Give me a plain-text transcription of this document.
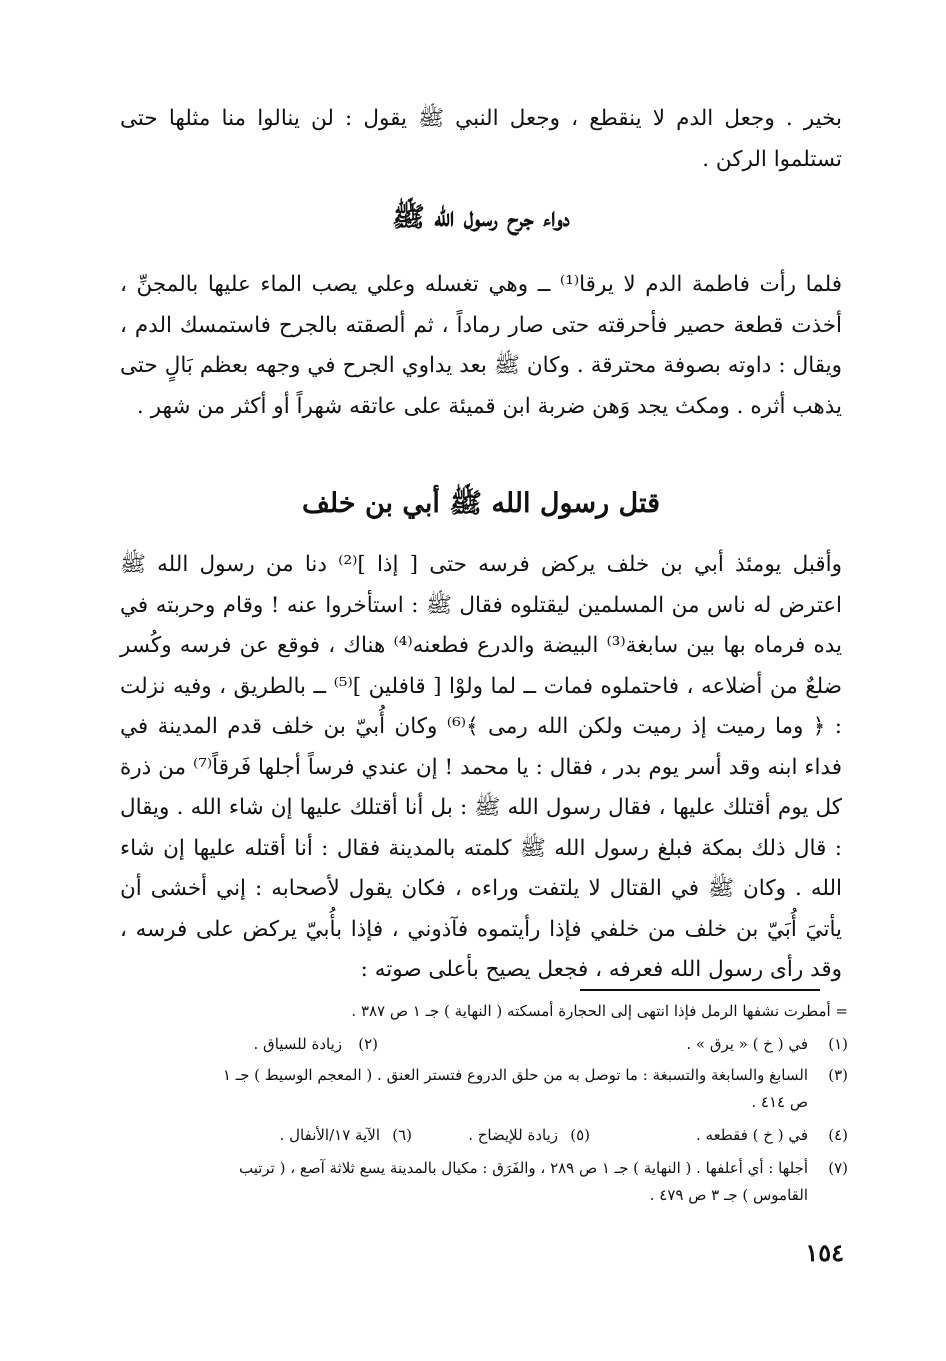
بخير . وجعل الدم لا ينقطع ، وجعل النبي ﷺ يقول : لن ينالوا منا مثلها حتى تستلموا الركن .

دواء جرح رسول الله ﷺ

فلما رأت فاطمة الدم لا يرقا⁽¹⁾ ــ وهي تغسله وعلي يصب الماء عليها بالمجنِّ ، أخذت قطعة حصير فأحرقته حتى صار رماداً ، ثم ألصقته بالجرح فاستمسك الدم ، ويقال : داوته بصوفة محترقة . وكان ﷺ بعد يداوي الجرح في وجهه بعظم بَالٍ حتى يذهب أثره . ومكث يجد وَهن ضربة ابن قميئة على عاتقه شهراً أو أكثر من شهر .

قتل رسول الله ﷺ أبي بن خلف

وأقبل يومئذ أبي بن خلف يركض فرسه حتى [ إذا ]⁽²⁾ دنا من رسول الله ﷺ اعترض له ناس من المسلمين ليقتلوه فقال ﷺ : استأخروا عنه ! وقام وحربته في يده فرماه بها بين سابغة⁽³⁾ البيضة والدرع فطعنه⁽⁴⁾ هناك ، فوقع عن فرسه وكُسر ضلعٌ من أضلاعه ، فاحتملوه فمات ــ لما ولوْا [ قافلين ]⁽⁵⁾ ــ بالطريق ، وفيه نزلت : ﴿ وما رميت إذ رميت ولكن الله رمى ﴾⁽⁶⁾ وكان أُبيّ بن خلف قدم المدينة في فداء ابنه وقد أسر يوم بدر ، فقال : يا محمد ! إن عندي فرساً أجلها فَرقاً⁽⁷⁾ من ذرة كل يوم أقتلك عليها ، فقال رسول الله ﷺ : بل أنا أقتلك عليها إن شاء الله . ويقال : قال ذلك بمكة فبلغ رسول الله ﷺ كلمته بالمدينة فقال : أنا أقتله عليها إن شاء الله . وكان ﷺ في القتال لا يلتفت وراءه ، فكان يقول لأصحابه : إني أخشى أن يأتيَ أُبَيّ بن خلف من خلفي فإذا رأيتموه فآذوني ، فإذا بأُبيّ يركض على فرسه ، وقد رأى رسول الله فعرفه ، فجعل يصيح بأعلى صوته :

= أمطرت نشفها الرمل فإذا انتهى إلى الحجارة أمسكته ( النهاية ) جـ ١ ص ٣٨٧ .
(١)
في ( خ ) « يرق » .
(٢)
زيادة للسياق .
(٣)
السابغ والسابغة والتسبغة : ما توصل به من حلق الدروع فتستر العنق . ( المعجم الوسيط ) جـ ١
ص ٤١٤ .
(٤)
في ( خ ) فقطعه .
(٥)
زيادة للإيضاح .
(٦)
الآية ١٧/الأنفال .
(٧)
أجلها : أي أعلفها . ( النهاية ) جـ ١ ص ٢٨٩ ، والفَرَق : مكيال بالمدينة يسع ثلاثة آصع ، ( ترتيب
القاموس ) جـ ٣ ص ٤٧٩ .
١٥٤
